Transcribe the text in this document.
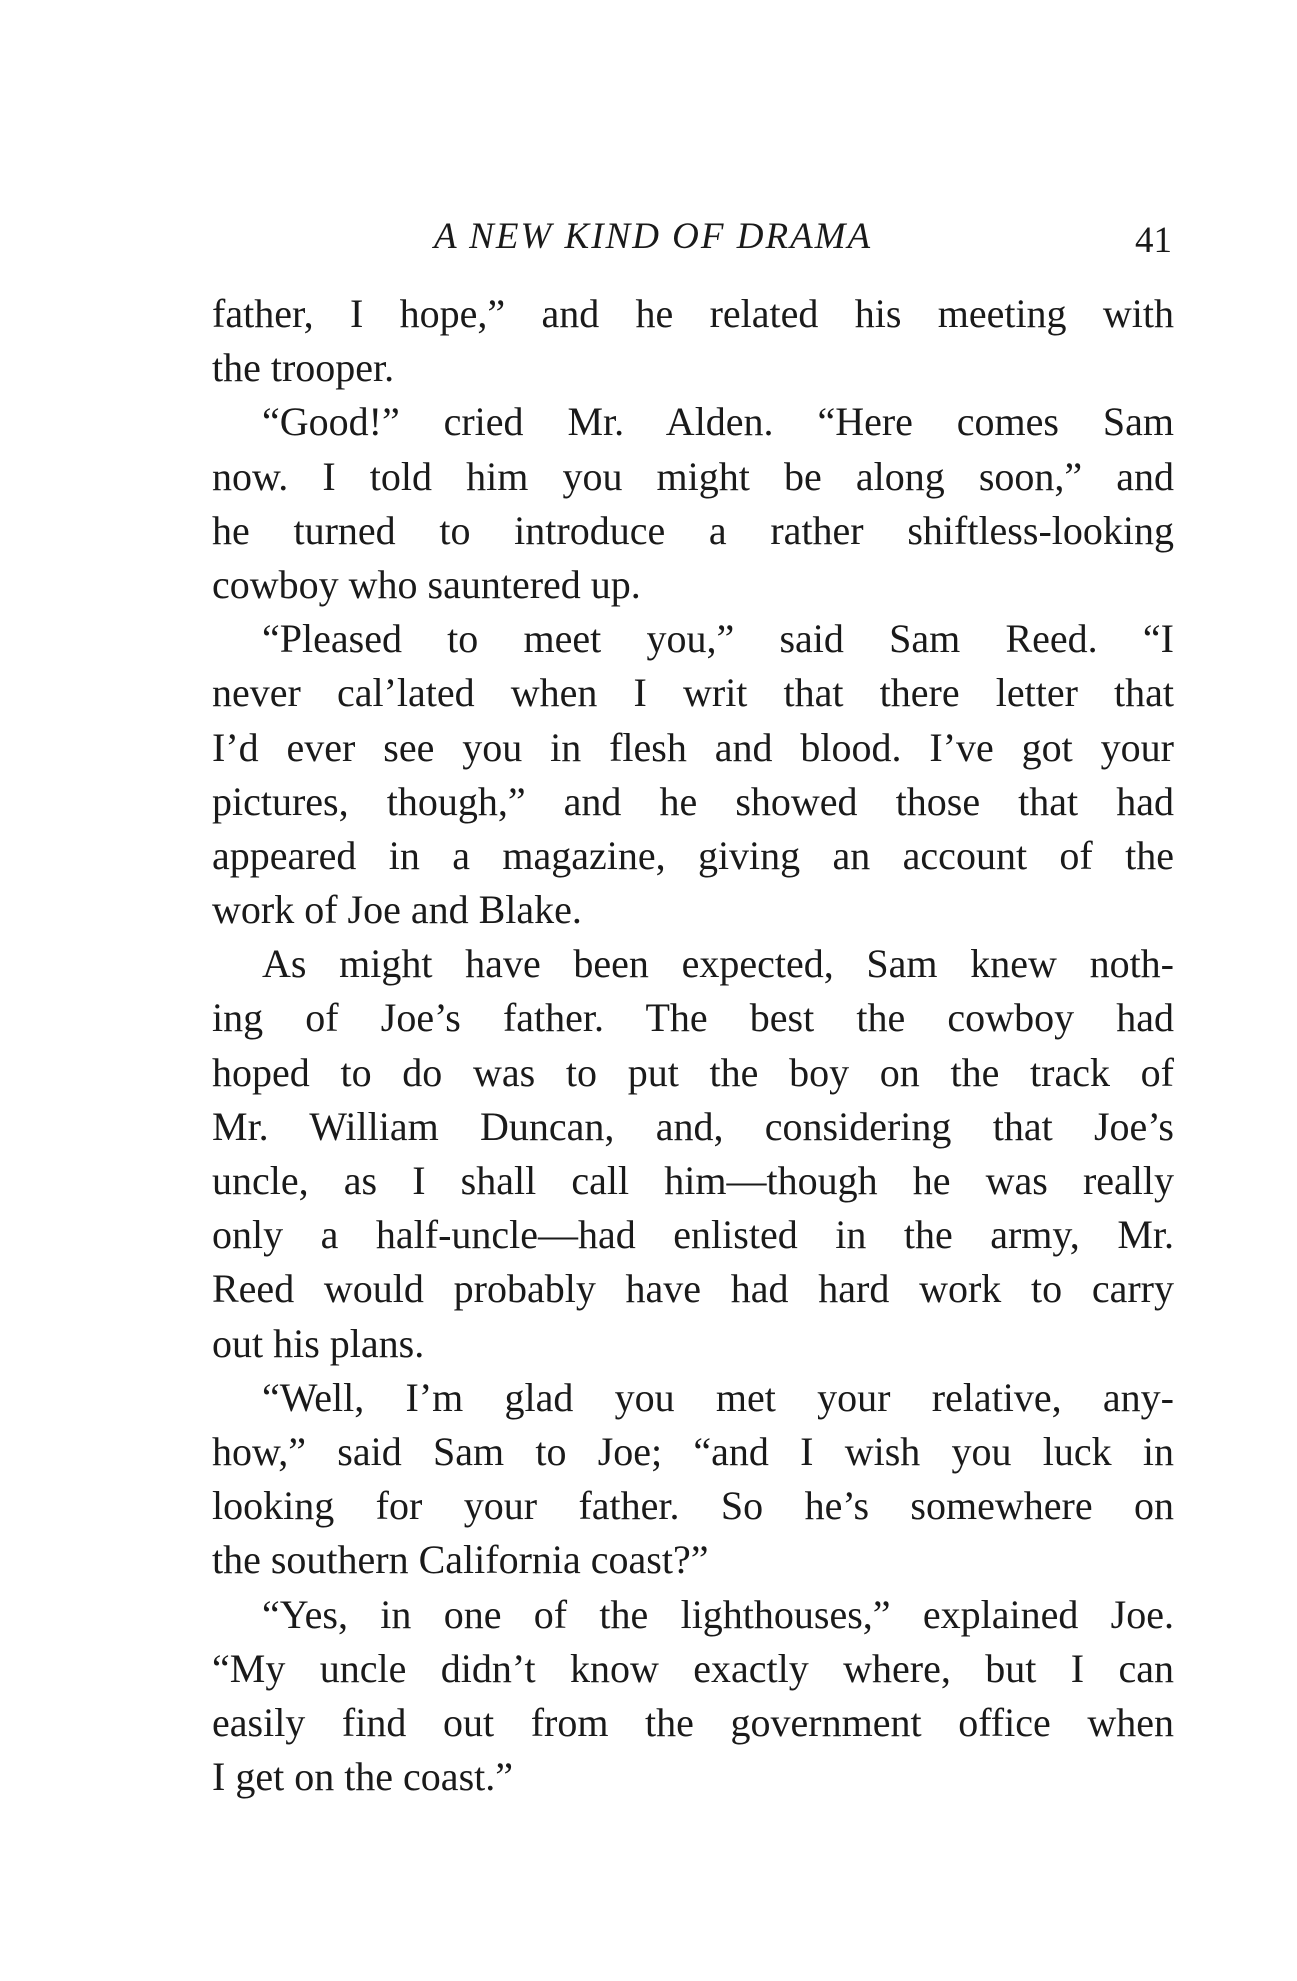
A NEW KIND OF DRAMA	41
father, I hope,” and he related his meeting with
the trooper.
“Good!” cried Mr. Alden. “Here comes Sam
now. I told him you might be along soon,” and
he turned to introduce a rather shiftless-looking
cowboy who sauntered up.
“Pleased to meet you,” said Sam Reed. “I
never cal’lated when I writ that there letter that
I’d ever see you in flesh and blood. I’ve got your
pictures, though,” and he showed those that had
appeared in a magazine, giving an account of the
work of Joe and Blake.
As might have been expected, Sam knew noth-
ing of Joe’s father. The best the cowboy had
hoped to do was to put the boy on the track of
Mr. William Duncan, and, considering that Joe’s
uncle, as I shall call him—though he was really
only a half-uncle—had enlisted in the army, Mr.
Reed would probably have had hard work to carry
out his plans.
“Well, I’m glad you met your relative, any-
how,” said Sam to Joe; “and I wish you luck in
looking for your father. So he’s somewhere on
the southern California coast?”
“Yes, in one of the lighthouses,” explained Joe.
“My uncle didn’t know exactly where, but I can
easily find out from the government office when
I get on the coast.”
